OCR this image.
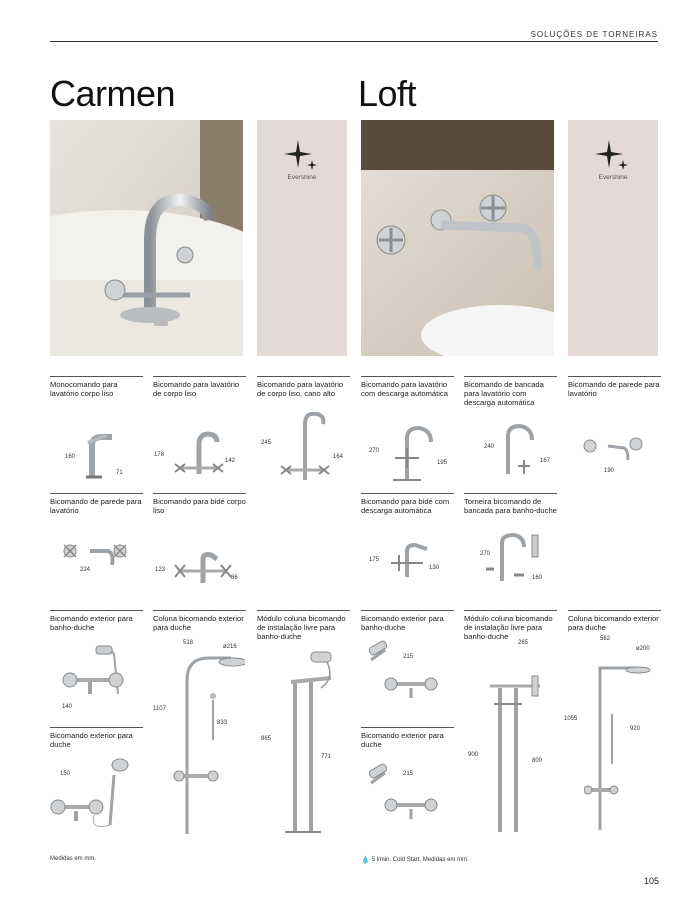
SOLUÇÕES DE TORNEIRAS
Carmen	Loft
Evershine	Evershine
Monocomando para lavatório corpo liso
160
71
Bicomando para lavatório de corpo liso
178
142
Bicomando para lavatório de corpo liso, cano alto
245
164
Bicomando de parede para lavatório
224
Bicomando para bidé corpo liso
123
86
Bicomando exterior para banho-duche
140
Bicomando exterior para duche
150
Coluna bicomando exterior para duche
518
ø216
1107
833
Módulo coluna bicomando de instalação livre para banho-duche
865
771
Bicomando para lavatório com descarga automática
270
195
Bicomando de bancada para lavatório com descarga automática
240
167
Bicomando de parede para lavatório
190
Bicomando para bidé com descarga automática
175
130
Torneira bicomando de bancada para banho-duche
270
160
Bicomando exterior para banho-duche
215
Bicomando exterior para duche
215
Módulo coluna bicomando de instalação livre para banho-duche
265
900
800
Coluna bicomando exterior para duche
562
ø200
1055
920
Medidas em mm.	💧 5 l/min. Cold Start. Medidas em mm.
105
